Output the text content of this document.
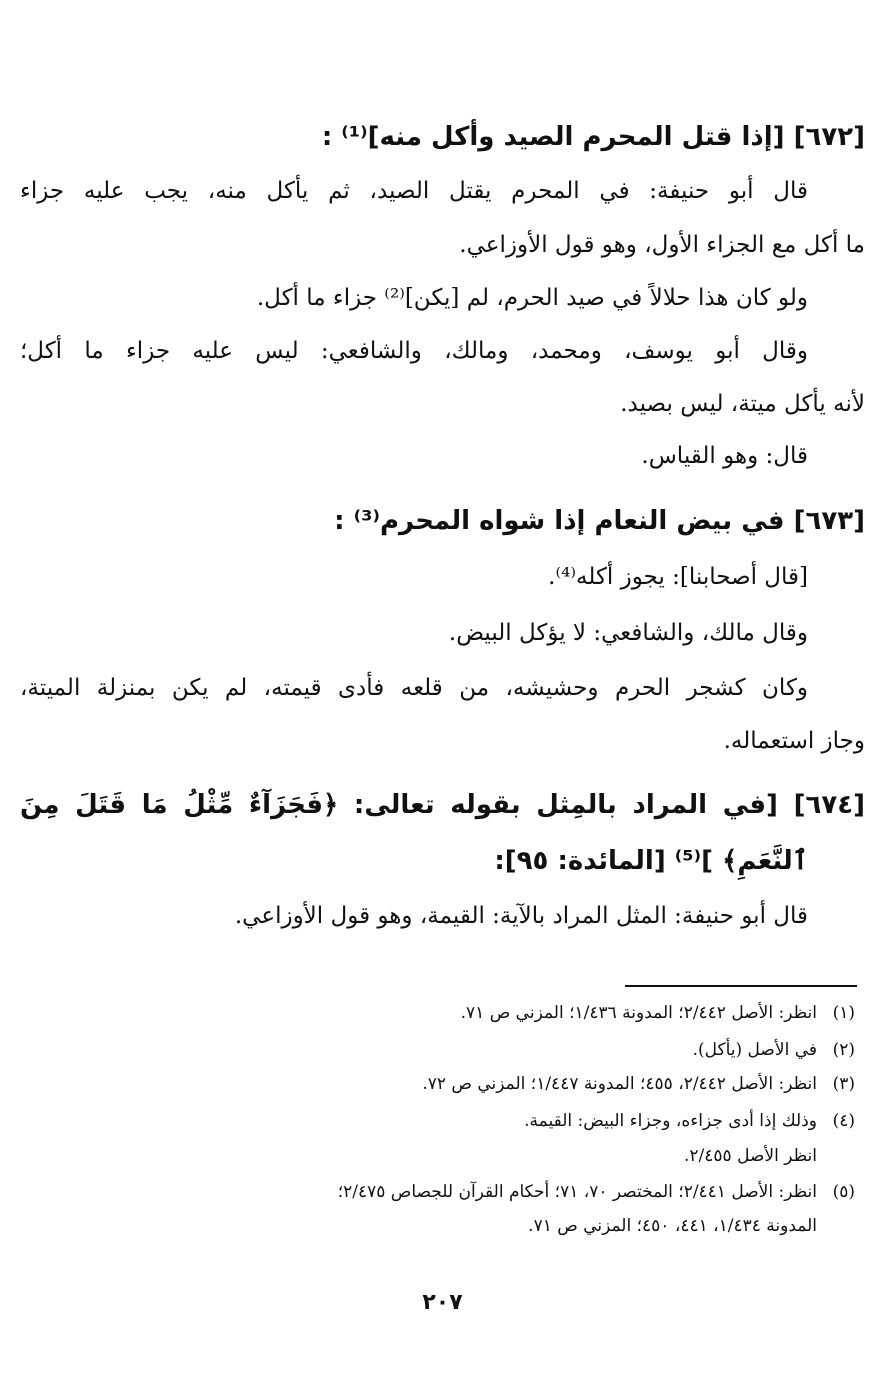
[٦٧٢] [إذا قتل المحرم الصيد وأكل منه]⁽¹⁾ :
قال أبو حنيفة: في المحرم يقتل الصيد، ثم يأكل منه، يجب عليه جزاء
ما أكل مع الجزاء الأول، وهو قول الأوزاعي.
ولو كان هذا حلالاً في صيد الحرم، لم [يكن]⁽²⁾ جزاء ما أكل.
وقال أبو يوسف، ومحمد، ومالك، والشافعي: ليس عليه جزاء ما أكل؛
لأنه يأكل ميتة، ليس بصيد.
قال: وهو القياس.
[٦٧٣] في بيض النعام إذا شواه المحرم⁽³⁾ :
[قال أصحابنا]: يجوز أكله⁽⁴⁾.
وقال مالك، والشافعي: لا يؤكل البيض.
وكان كشجر الحرم وحشيشه، من قلعه فأدى قيمته، لم يكن بمنزلة الميتة،
وجاز استعماله.
[٦٧٤] [في المراد بالمِثل بقوله تعالى: ﴿فَجَزَآءٌ مِّثْلُ مَا قَتَلَ مِنَ
ٱلنَّعَمِ﴾ ]⁽⁵⁾ [المائدة: ٩٥]:
قال أبو حنيفة: المثل المراد بالآية: القيمة، وهو قول الأوزاعي.
(١)انظر: الأصل ٢/٤٤٢؛ المدونة ١/٤٣٦؛ المزني ص ٧١.
(٢)في الأصل (يأكل).
(٣)انظر: الأصل ٢/٤٤٢، ٤٥٥؛ المدونة ١/٤٤٧؛ المزني ص ٧٢.
(٤)وذلك إذا أدى جزاءه، وجزاء البيض: القيمة.
انظر الأصل ٢/٤٥٥.
(٥)انظر: الأصل ٢/٤٤١؛ المختصر ٧٠، ٧١؛ أحكام القرآن للجصاص ٢/٤٧٥؛
المدونة ١/٤٣٤، ٤٤١، ٤٥٠؛ المزني ص ٧١.
٢٠٧
